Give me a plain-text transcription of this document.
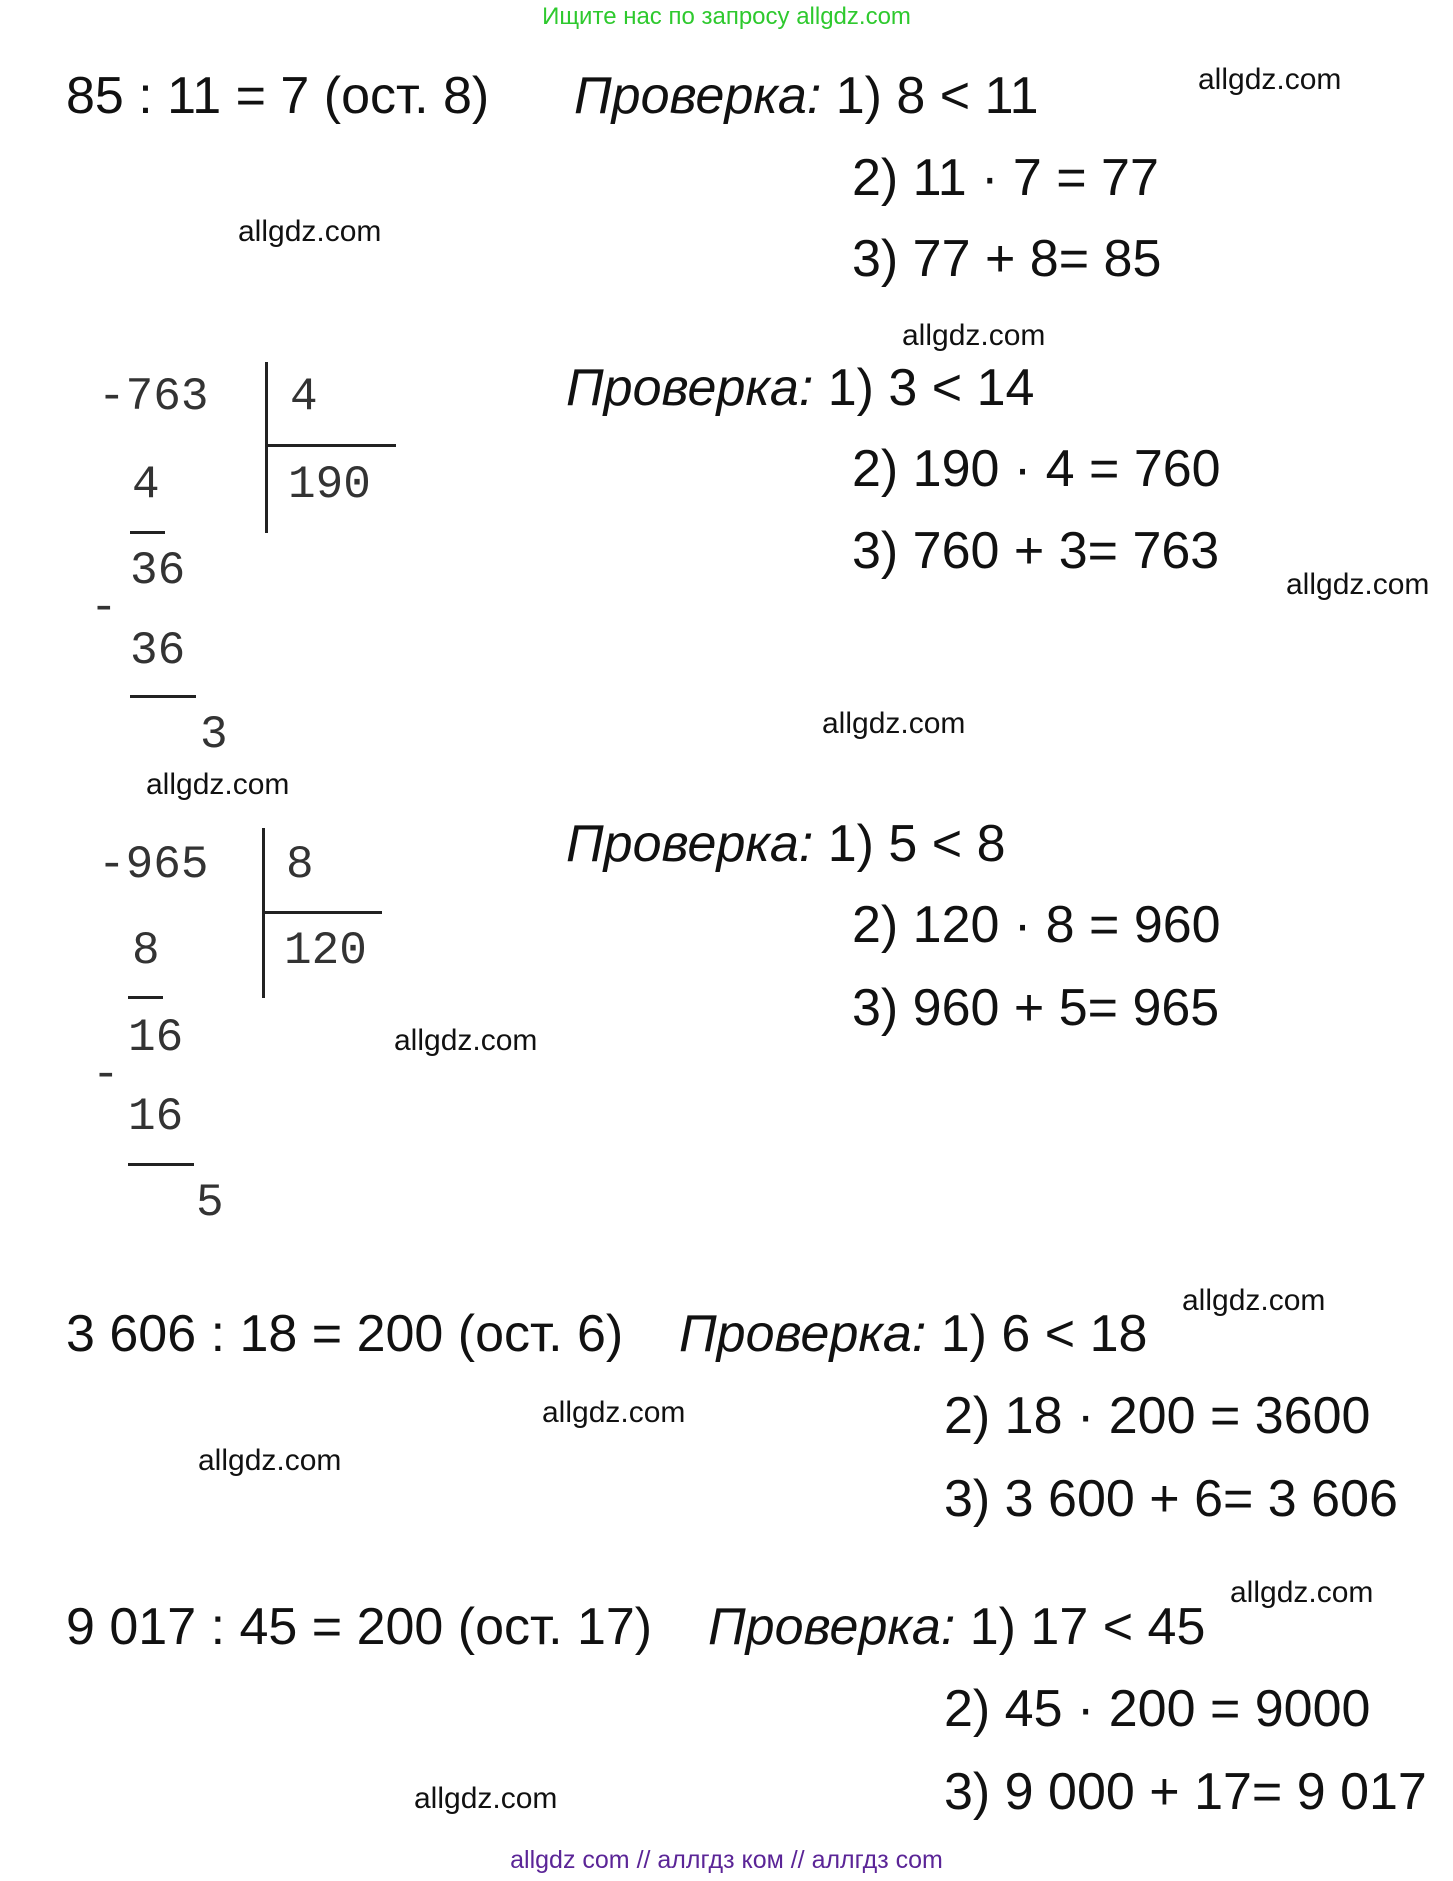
Ищите нас по запросу allgdz.com
85 : 11 = 7 (ост. 8) Проверка: 1) 8 < 11
2) 11 · 7 = 77
3) 77 + 8= 85
-763 4
190
4
36
-
36
3
Проверка: 1) 3 < 14
2) 190 · 4 = 760
3) 760 + 3= 763
-965 8
120
8
16
-
16
5
Проверка: 1) 5 < 8
2) 120 · 8 = 960
3) 960 + 5= 965
3 606 : 18 = 200 (ост. 6) Проверка: 1) 6 < 18
2) 18 · 200 = 3600
3) 3 600 + 6= 3 606
9 017 : 45 = 200 (ост. 17) Проверка: 1) 17 < 45
2) 45 · 200 = 9000
3) 9 000 + 17= 9 017
allgdz.com
allgdz.com
allgdz.com
allgdz.com
allgdz.com
allgdz.com
allgdz.com
allgdz.com
allgdz.com
allgdz.com
allgdz.com
allgdz.com
allgdz com // аллгдз ком // аллгдз com
